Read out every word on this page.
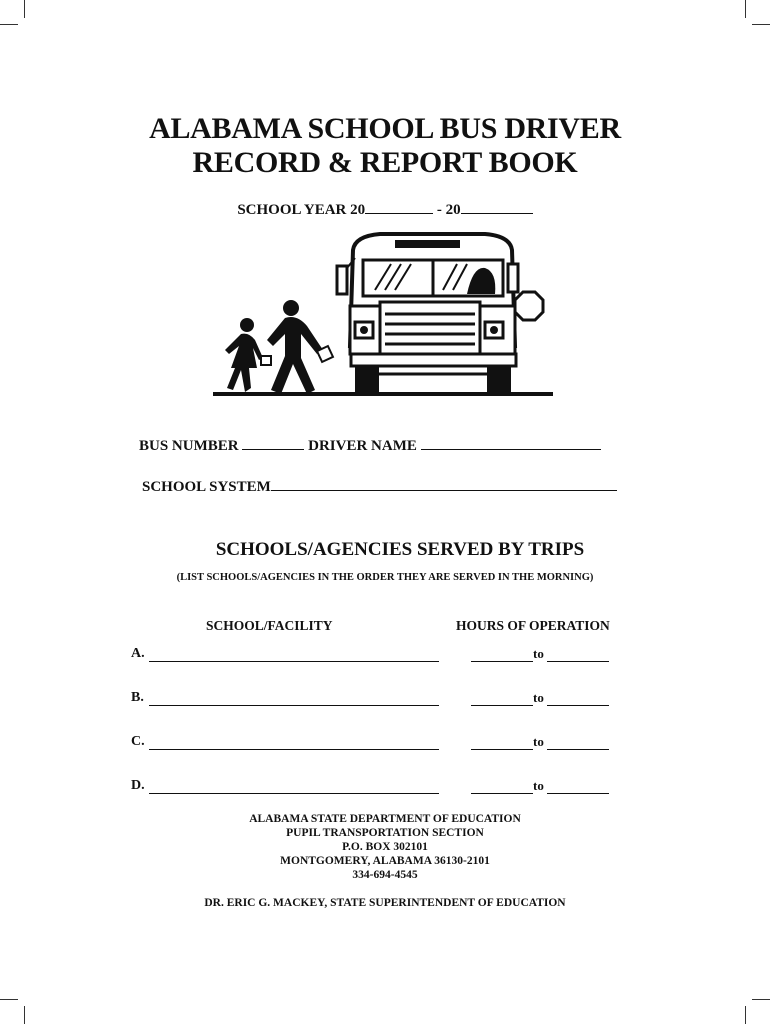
ALABAMA SCHOOL BUS DRIVER
RECORD & REPORT BOOK
SCHOOL YEAR 20	- 20
BUS NUMBER	DRIVER NAME
SCHOOL SYSTEM
SCHOOLS/AGENCIES SERVED BY TRIPS
(LIST SCHOOLS/AGENCIES IN THE ORDER THEY ARE SERVED IN THE MORNING)
SCHOOL/FACILITY	HOURS OF OPERATION
A.	to
B.	to
C.	to
D.	to
ALABAMA STATE DEPARTMENT OF EDUCATION
PUPIL TRANSPORTATION SECTION
P.O. BOX 302101
MONTGOMERY, ALABAMA 36130-2101
334-694-4545
DR. ERIC G. MACKEY, STATE SUPERINTENDENT OF EDUCATION
